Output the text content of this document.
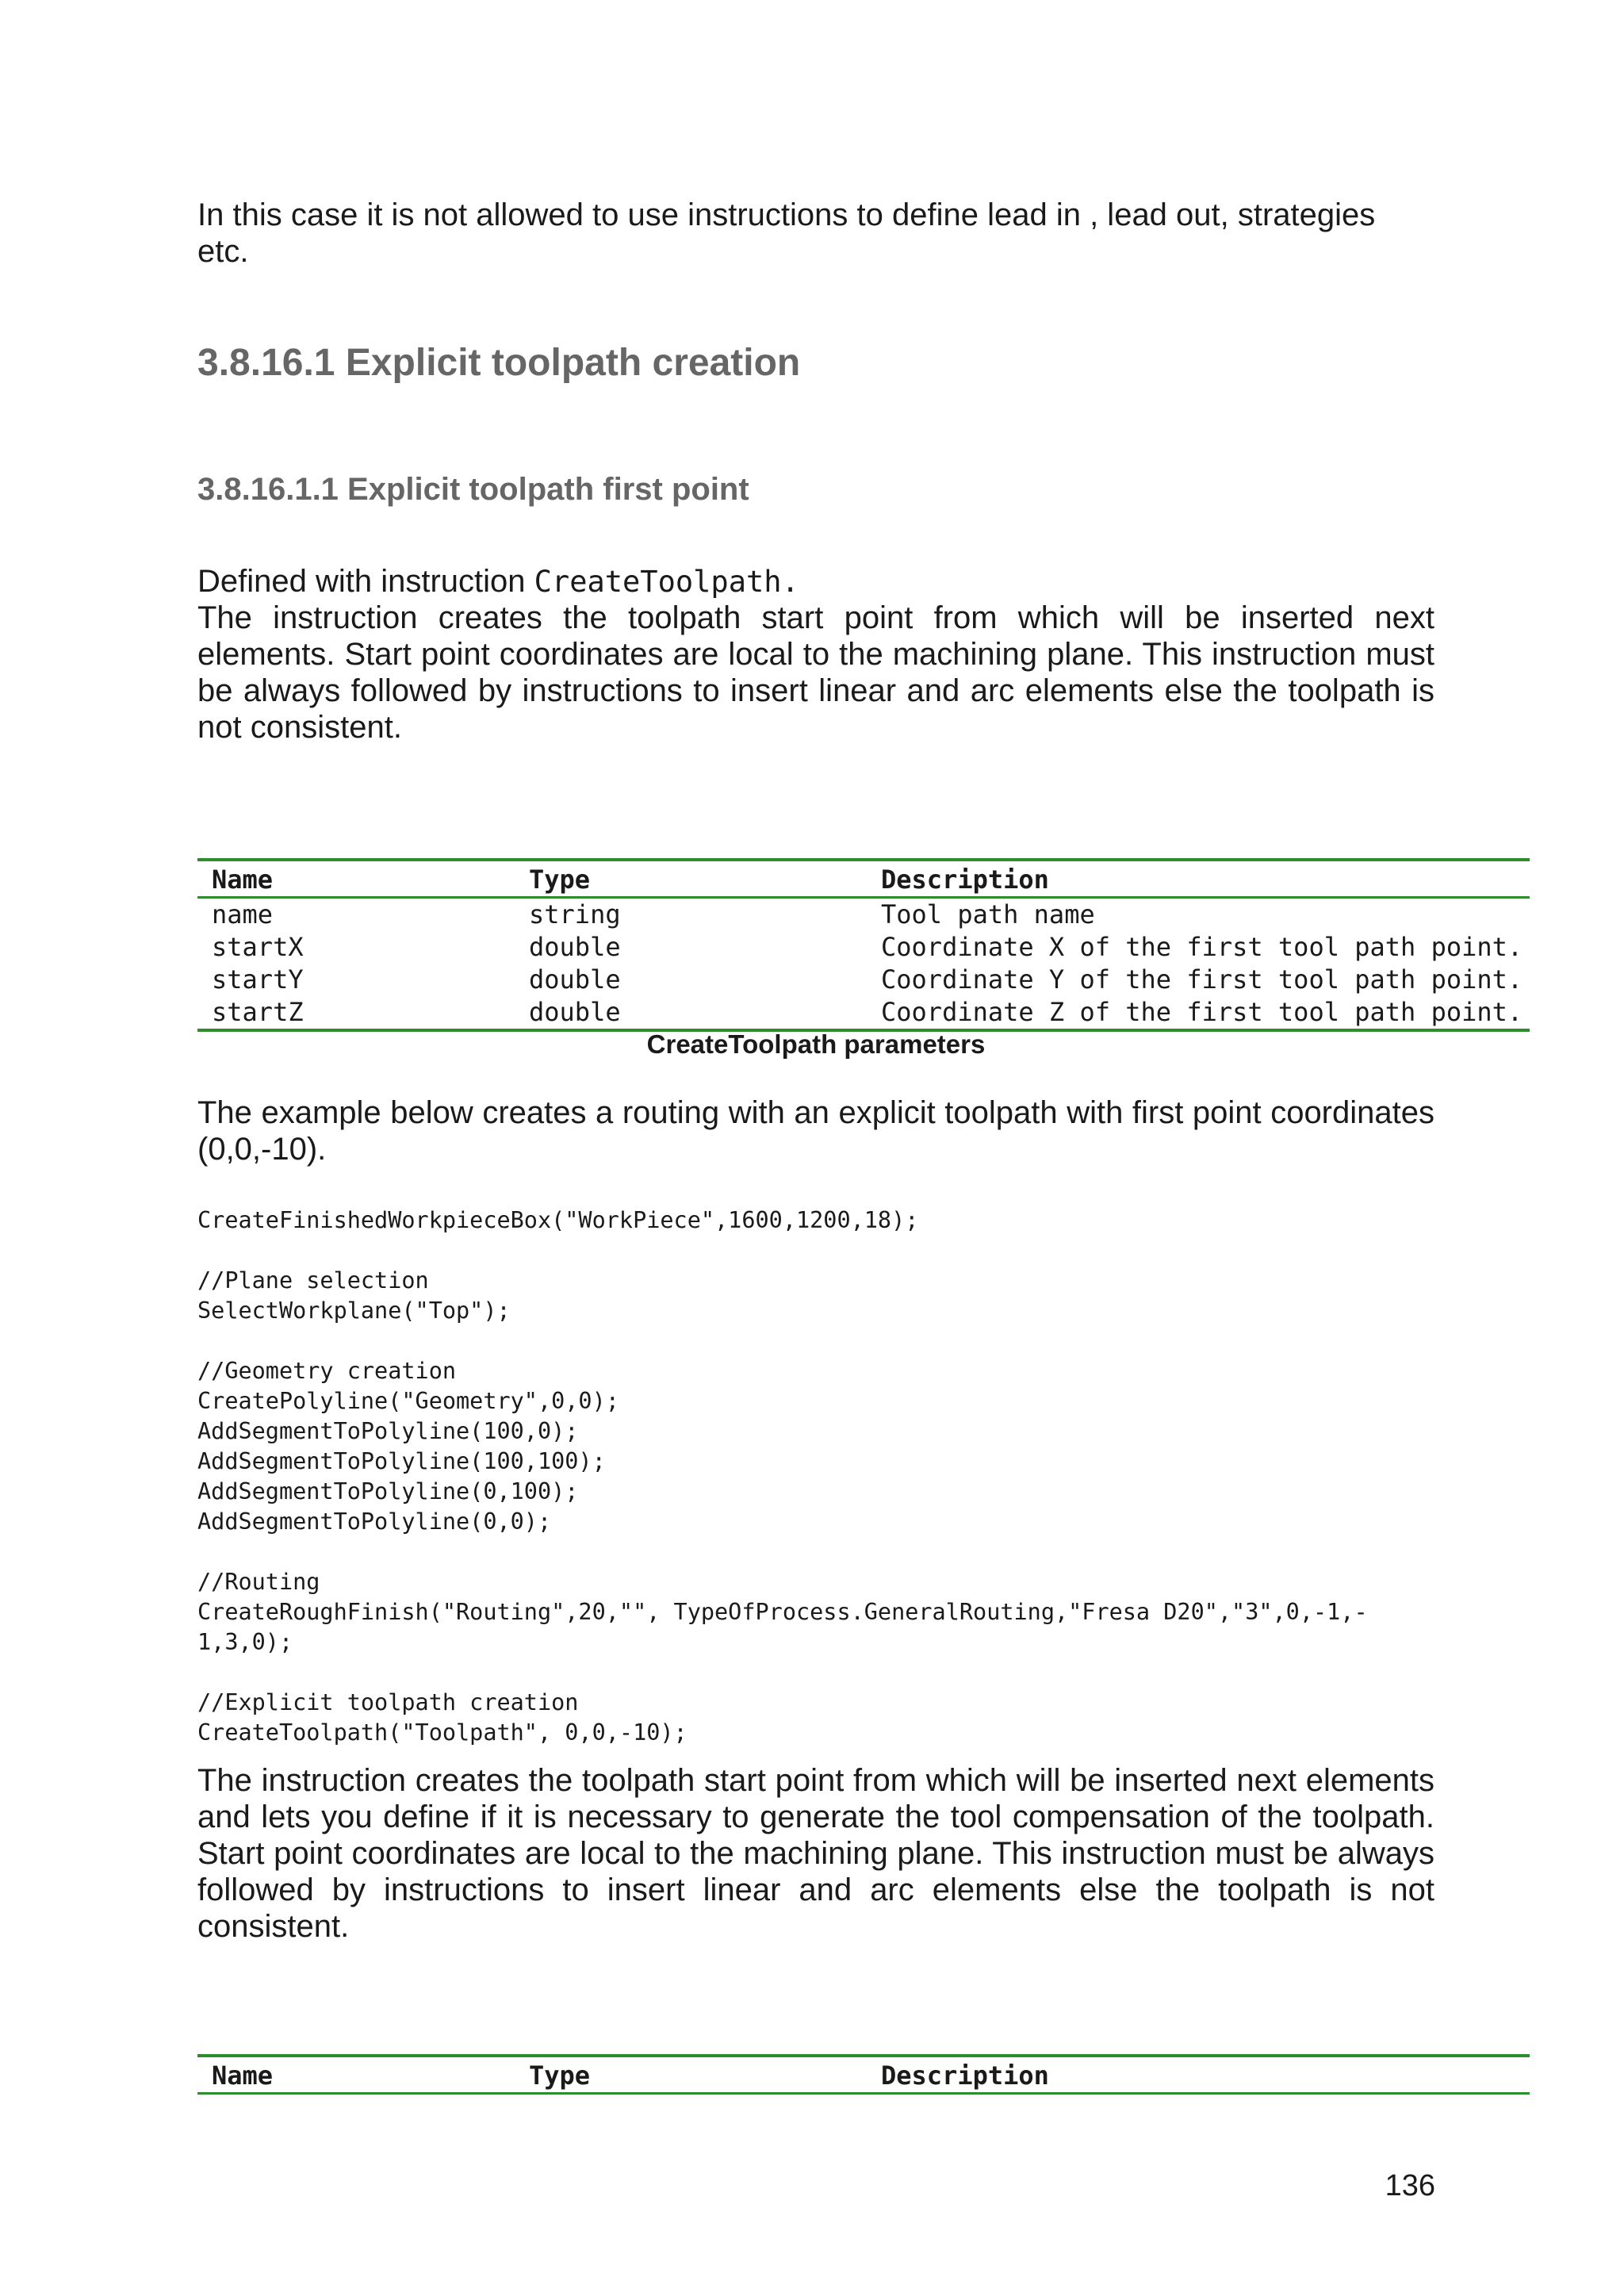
In this case it is not allowed to use instructions to define lead in , lead out, strategies
etc.

3.8.16.1 Explicit toolpath creation
3.8.16.1.1 Explicit toolpath first point

Defined with instruction CreateToolpath.

The instruction creates the toolpath start point from which will be inserted next elements. Start point coordinates are local to the machining plane. This instruction must be always followed by instructions to insert linear and arc elements else the toolpath is not consistent.

Name	Type	Description
name	string	Tool path name
startX	double	Coordinate X of the first tool path point.
startY	double	Coordinate Y of the first tool path point.
startZ	double	Coordinate Z of the first tool path point.
CreateToolpath parameters

The example below creates a routing with an explicit toolpath with first point coordinates (0,0,-10).

CreateFinishedWorkpieceBox("WorkPiece",1600,1200,18);

//Plane selection
SelectWorkplane("Top");

//Geometry creation
CreatePolyline("Geometry",0,0);
AddSegmentToPolyline(100,0);
AddSegmentToPolyline(100,100);
AddSegmentToPolyline(0,100);
AddSegmentToPolyline(0,0);

//Routing
CreateRoughFinish("Routing",20,"", TypeOfProcess.GeneralRouting,"Fresa D20","3",0,-1,-
1,3,0);

//Explicit toolpath creation
CreateToolpath("Toolpath", 0,0,-10);

The instruction creates the toolpath start point from which will be inserted next elements and lets you define if it is necessary to generate the tool compensation of the toolpath. Start point coordinates are local to the machining plane. This instruction must be always followed by instructions to insert linear and arc elements else the toolpath is not consistent.

Name	Type	Description
136
